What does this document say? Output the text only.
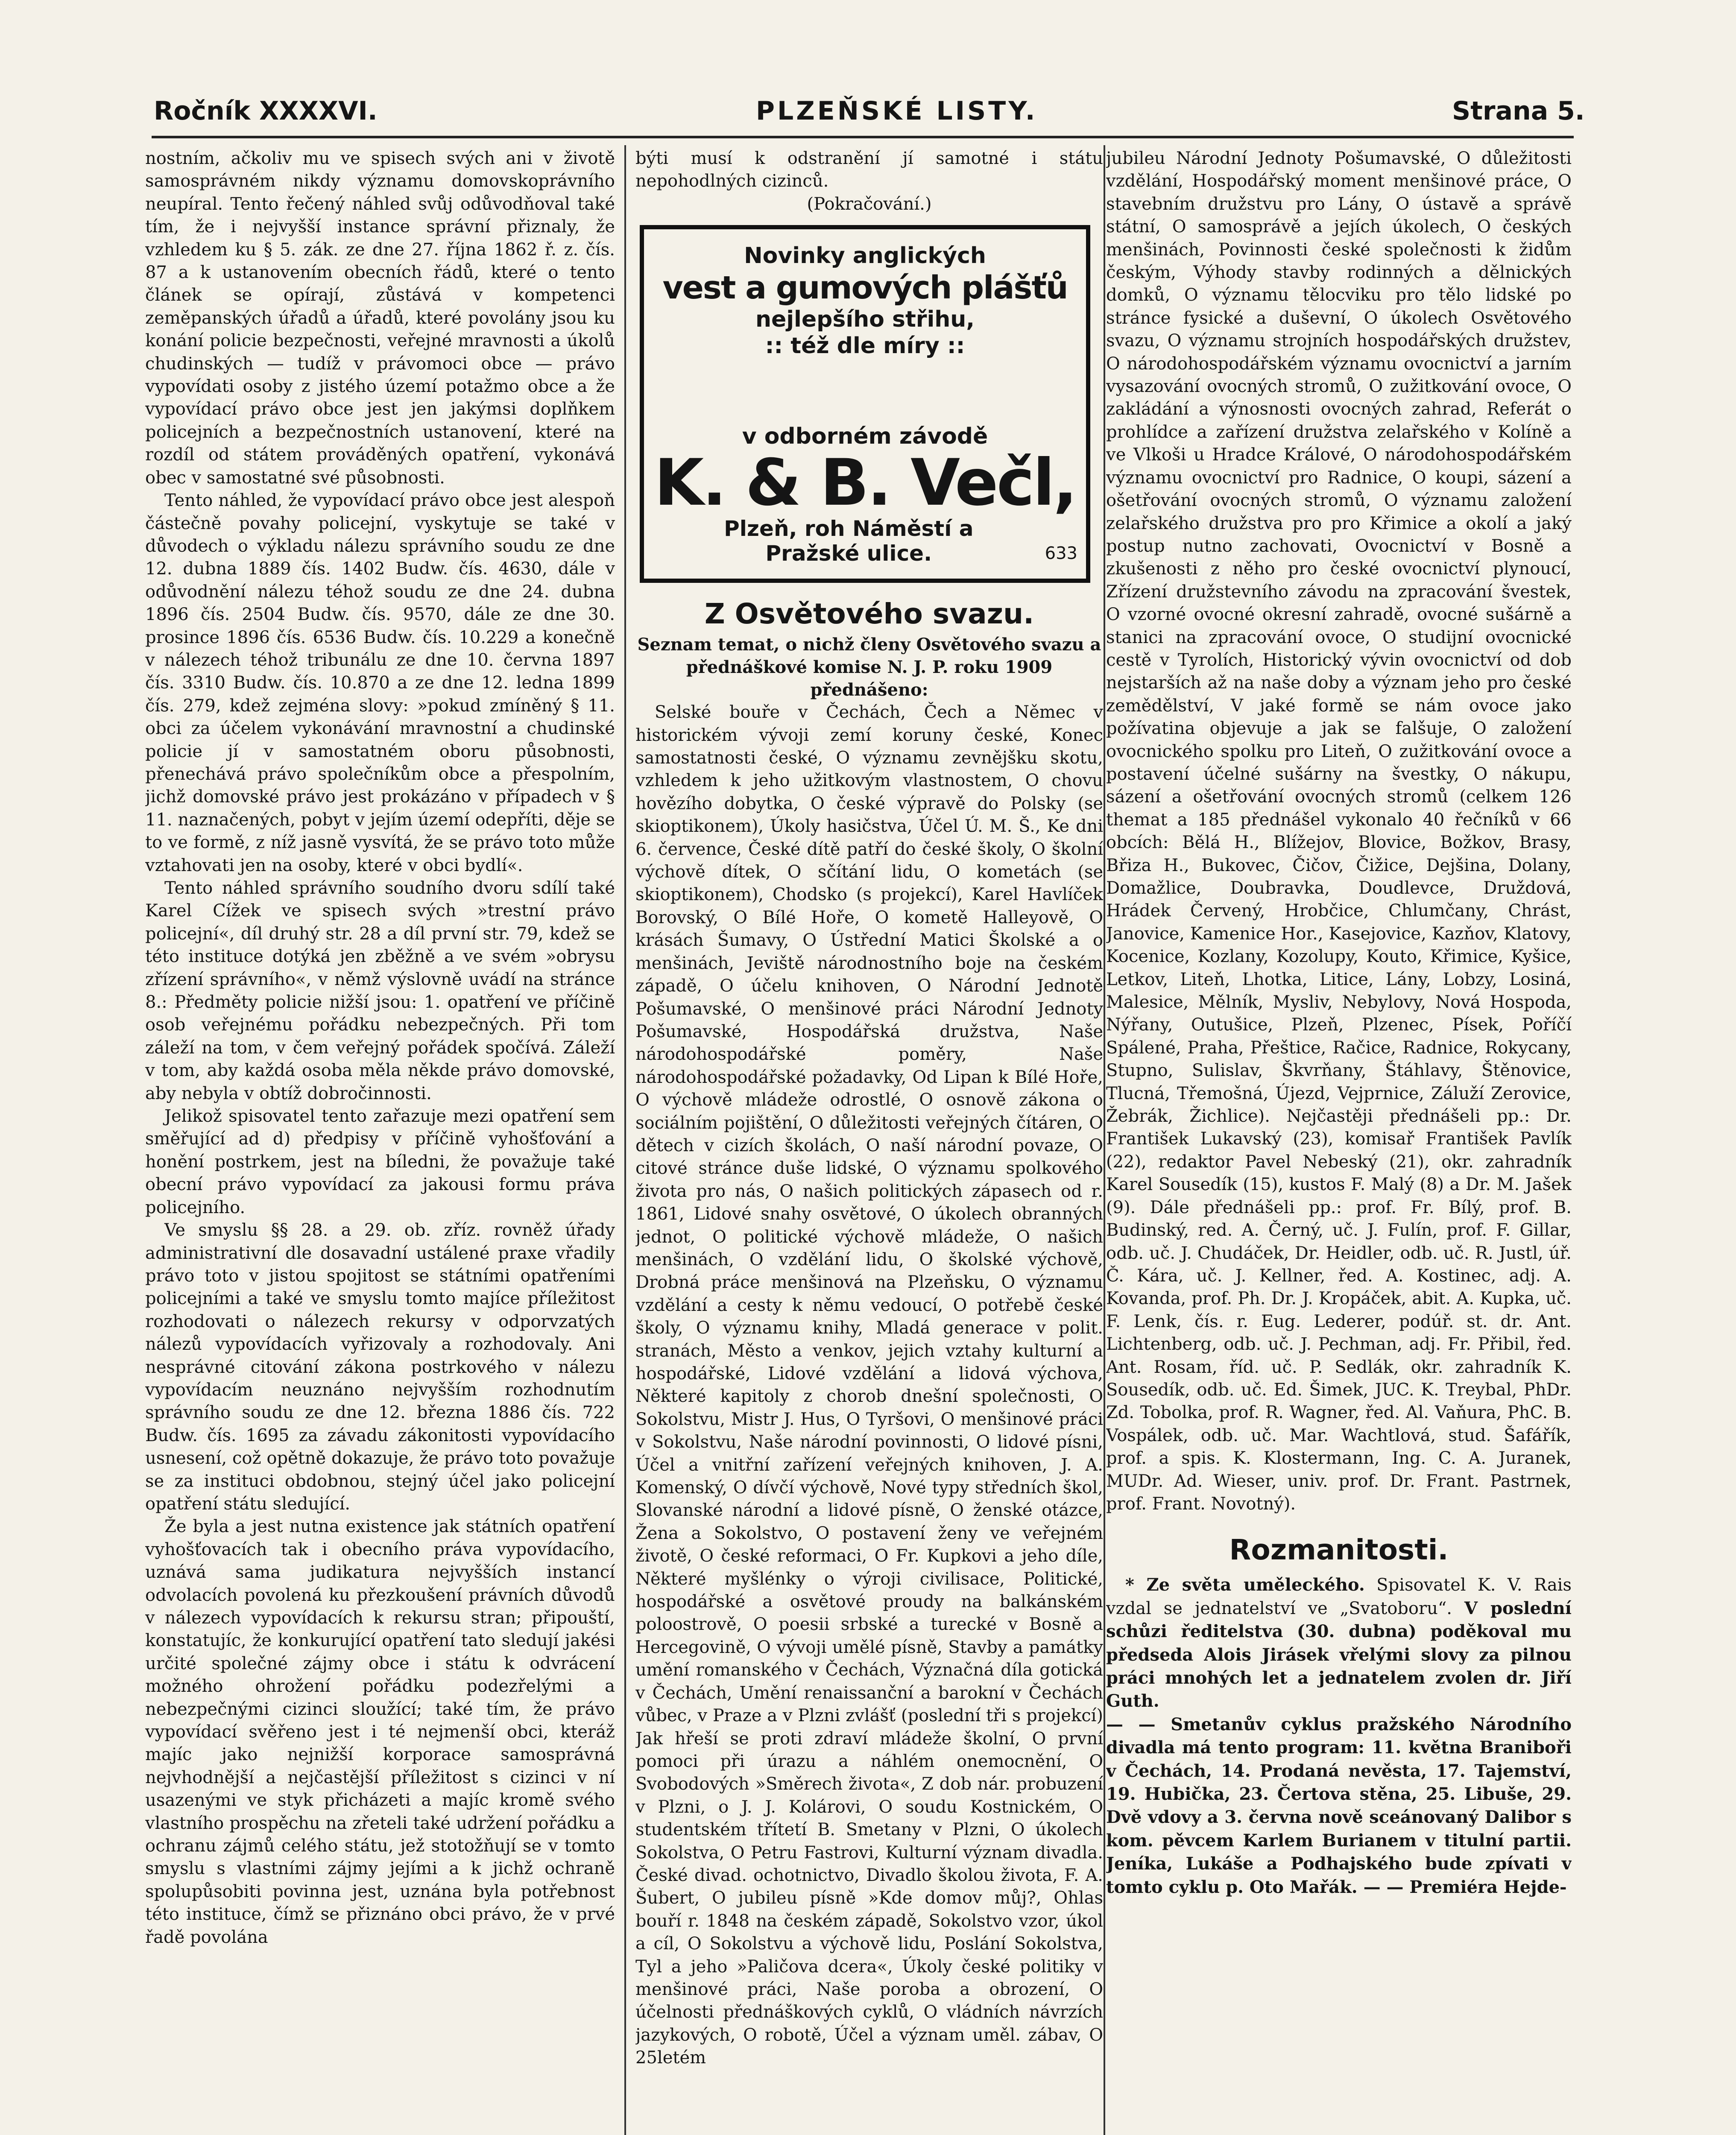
Ročník XXXXVI.	PLZEŇSKÉ LISTY.	Strana 5.

nostním, ačkoliv mu ve spisech svých ani v životě samosprávném nikdy významu domovskoprávního neupíral. Tento řečený náhled svůj odůvodňoval také tím, že i nejvyšší instance správní přiznaly, že vzhledem ku § 5. zák. ze dne 27. října 1862 ř. z. čís. 87 a k ustanovením obecních řádů, které o tento článek se opírají, zůstává v kompetenci zeměpanských úřadů a úřadů, které povolány jsou ku konání policie bezpečnosti, veřejné mravnosti a úkolů chudinských — tudíž v právomoci obce — právo vypovídati osoby z jistého území potažmo obce a že vypovídací právo obce jest jen jakýmsi doplňkem policejních a bezpečnostních ustanovení, které na rozdíl od státem prováděných opatření, vykonává obec v samostatné své působnosti.

Tento náhled, že vypovídací právo obce jest alespoň částečně povahy policejní, vyskytuje se také v důvodech o výkladu nálezu správního soudu ze dne 12. dubna 1889 čís. 1402 Budw. čís. 4630, dále v odůvodnění nálezu téhož soudu ze dne 24. dubna 1896 čís. 2504 Budw. čís. 9570, dále ze dne 30. prosince 1896 čís. 6536 Budw. čís. 10.229 a konečně v nálezech téhož tribunálu ze dne 10. června 1897 čís. 3310 Budw. čís. 10.870 a ze dne 12. ledna 1899 čís. 279, kdež zejména slovy: »pokud zmíněný § 11. obci za účelem vykonávání mravnostní a chudinské policie jí v samostatném oboru působnosti, přenechává právo společníkům obce a přespolním, jichž domovské právo jest prokázáno v případech v § 11. naznačených, pobyt v jejím území odepříti, děje se to ve formě, z níž jasně vysvítá, že se právo toto může vztahovati jen na osoby, které v obci bydlí«.

Tento náhled správního soudního dvoru sdílí také Karel Cížek ve spisech svých »trestní právo policejní«, díl druhý str. 28 a díl první str. 79, kdež se této instituce dotýká jen zběžně a ve svém »obrysu zřízení správního«, v němž výslovně uvádí na stránce 8.: Předměty policie nižší jsou: 1. opatření ve příčině osob veřejnému pořádku nebezpečných. Při tom záleží na tom, v čem veřejný pořádek spočívá. Záleží v tom, aby každá osoba měla někde právo domovské, aby nebyla v obtíž dobročinnosti.

Jelikož spisovatel tento zařazuje mezi opatření sem směřující ad d) předpisy v příčině vyhošťování a honění postrkem, jest na bíledni, že považuje také obecní právo vypovídací za jakousi formu práva policejního.

Ve smyslu §§ 28. a 29. ob. zříz. rovněž úřady administrativní dle dosavadní ustálené praxe vřadily právo toto v jistou spojitost se státními opatřeními policejními a také ve smyslu tomto majíce příležitost rozhodovati o nálezech rekursy v odporvzatých nálezů vypovídacích vyřizovaly a rozhodovaly. Ani nesprávné citování zákona postrkového v nálezu vypovídacím neuznáno nejvyšším rozhodnutím správního soudu ze dne 12. března 1886 čís. 722 Budw. čís. 1695 za závadu zákonitosti vypovídacího usnesení, což opětně dokazuje, že právo toto považuje se za instituci obdobnou, stejný účel jako policejní opatření státu sledující.

Že byla a jest nutna existence jak státních opatření vyhošťovacích tak i obecního práva vypovídacího, uznává sama judikatura nejvyšších instancí odvolacích povolená ku přezkoušení právních důvodů v nálezech vypovídacích k rekursu stran; připouští, konstatujíc, že konkurující opatření tato sledují jakési určité společné zájmy obce i státu k odvrácení možného ohrožení pořádku podezřelými a nebezpečnými cizinci sloužící; také tím, že právo vypovídací svěřeno jest i té nejmenší obci, kteráž majíc jako nejnižší korporace samosprávná nejvhodnější a nejčastější příležitost s cizinci v ní usazenými ve styk přicházeti a majíc kromě svého vlastního prospěchu na zřeteli také udržení pořádku a ochranu zájmů celého státu, jež stotožňují se v tomto smyslu s vlastními zájmy jejími a k jichž ochraně spolupůsobiti povinna jest, uznána byla potřebnost této instituce, čímž se přiznáno obci právo, že v prvé řadě povolána

býti musí k odstranění jí samotné i státu nepohodlných cizinců.

(Pokračování.)

Novinky anglických
vest a gumových plášťů
nejlepšího střihu,
:: též dle míry ::
v odborném závodě
K. & B. Večl,
Plzeň, roh Náměstí a
Pražské ulice.	633
Z Osvětového svazu.
Seznam temat, o nichž členy Osvětového svazu a přednáškové komise N. J. P. roku 1909 přednášeno:

Selské bouře v Čechách, Čech a Němec v historickém vývoji zemí koruny české, Konec samostatnosti české, O významu zevnějšku skotu, vzhledem k jeho užitkovým vlastnostem, O chovu hovězího dobytka, O české výpravě do Polsky (se skioptikonem), Úkoly hasičstva, Účel Ú. M. Š., Ke dni 6. července, České dítě patří do české školy, O školní výchově dítek, O sčítání lidu, O kometách (se skioptikonem), Chodsko (s projekcí), Karel Havlíček Borovský, O Bílé Hoře, O kometě Halleyově, O krásách Šumavy, O Ústřední Matici Školské a o menšinách, Jeviště národnostního boje na českém západě, O účelu knihoven, O Národní Jednotě Pošumavské, O menšinové práci Národní Jednoty Pošumavské, Hospodářská družstva, Naše národohospodářské poměry, Naše národohospodářské požadavky, Od Lipan k Bílé Hoře, O výchově mládeže odrostlé, O osnově zákona o sociálním pojištění, O důležitosti veřejných čítáren, O dětech v cizích školách, O naší národní povaze, O citové stránce duše lidské, O významu spolkového života pro nás, O našich politických zápasech od r. 1861, Lidové snahy osvětové, O úkolech obranných jednot, O politické výchově mládeže, O našich menšinách, O vzdělání lidu, O školské výchově, Drobná práce menšinová na Plzeňsku, O významu vzdělání a cesty k němu vedoucí, O potřebě české školy, O významu knihy, Mladá generace v polit. stranách, Město a venkov, jejich vztahy kulturní a hospodářské, Lidové vzdělání a lidová výchova, Některé kapitoly z chorob dnešní společnosti, O Sokolstvu, Mistr J. Hus, O Tyršovi, O menšinové práci v Sokolstvu, Naše národní povinnosti, O lidové písni, Účel a vnitřní zařízení veřejných knihoven, J. A. Komenský, O dívčí výchově, Nové typy středních škol, Slovanské národní a lidové písně, O ženské otázce, Žena a Sokolstvo, O postavení ženy ve veřejném životě, O české reformaci, O Fr. Kupkovi a jeho díle, Některé myšlénky o výroji civilisace, Politické, hospodářské a osvětové proudy na balkánském poloostrově, O poesii srbské a turecké v Bosně a Hercegovině, O vývoji umělé písně, Stavby a památky umění romanského v Čechách, Význačná díla gotická v Čechách, Umění renaissanční a barokní v Čechách vůbec, v Praze a v Plzni zvlášť (poslední tři s projekcí) Jak hřeší se proti zdraví mládeže školní, O první pomoci při úrazu a náhlém onemocnění, O Svobodových »Směrech života«, Z dob nár. probuzení v Plzni, o J. J. Kolárovi, O soudu Kostnickém, O studentském třítetí B. Smetany v Plzni, O úkolech Sokolstva, O Petru Fastrovi, Kulturní význam divadla. České divad. ochotnictvo, Divadlo školou života, F. A. Šubert, O jubileu písně »Kde domov můj?, Ohlas bouří r. 1848 na českém západě, Sokolstvo vzor, úkol a cíl, O Sokolstvu a výchově lidu, Poslání Sokolstva, Tyl a jeho »Paličova dcera«, Úkoly české politiky v menšinové práci, Naše poroba a obrození, O účelnosti přednáškových cyklů, O vládních návrzích jazykových, O robotě, Účel a význam uměl. zábav, O 25letém

jubileu Národní Jednoty Pošumavské, O důležitosti vzdělání, Hospodářský moment menšinové práce, O stavebním družstvu pro Lány, O ústavě a správě státní, O samosprávě a jejích úkolech, O českých menšinách, Povinnosti české společnosti k židům českým, Výhody stavby rodinných a dělnických domků, O významu tělocviku pro tělo lidské po stránce fysické a duševní, O úkolech Osvětového svazu, O významu strojních hospodářských družstev, O národohospodářském významu ovocnictví a jarním vysazování ovocných stromů, O zužitkování ovoce, O zakládání a výnosnosti ovocných zahrad, Referát o prohlídce a zařízení družstva zelařského v Kolíně a ve Vlkoši u Hradce Králové, O národohospodářském významu ovocnictví pro Radnice, O koupi, sázení a ošetřování ovocných stromů, O významu založení zelařského družstva pro pro Křimice a okolí a jaký postup nutno zachovati, Ovocnictví v Bosně a zkušenosti z něho pro české ovocnictví plynoucí, Zřízení družstevního závodu na zpracování švestek, O vzorné ovocné okresní zahradě, ovocné sušárně a stanici na zpracování ovoce, O studijní ovocnické cestě v Tyrolích, Historický vývin ovocnictví od dob nejstarších až na naše doby a význam jeho pro české zemědělství, V jaké formě se nám ovoce jako požívatina objevuje a jak se falšuje, O založení ovocnického spolku pro Liteň, O zužitkování ovoce a postavení účelné sušárny na švestky, O nákupu, sázení a ošetřování ovocných stromů (celkem 126 themat a 185 přednášel vykonalo 40 řečníků v 66 obcích: Bělá H., Blížejov, Blovice, Božkov, Brasy, Břiza H., Bukovec, Čičov, Čižice, Dejšina, Dolany, Domažlice, Doubravka, Doudlevce, Druždová, Hrádek Červený, Hrobčice, Chlumčany, Chrást, Janovice, Kamenice Hor., Kasejovice, Kazňov, Klatovy, Kocenice, Kozlany, Kozolupy, Kouto, Křimice, Kyšice, Letkov, Liteň, Lhotka, Litice, Lány, Lobzy, Losiná, Malesice, Mělník, Mysliv, Nebylovy, Nová Hospoda, Nýřany, Outušice, Plzeň, Plzenec, Písek, Poříčí Spálené, Praha, Přeštice, Račice, Radnice, Rokycany, Stupno, Sulislav, Škvrňany, Štáhlavy, Štěnovice, Tlucná, Třemošná, Újezd, Vejprnice, Záluží Zerovice, Žebrák, Žichlice). Nejčastěji přednášeli pp.: Dr. František Lukavský (23), komisař František Pavlík (22), redaktor Pavel Nebeský (21), okr. zahradník Karel Sousedík (15), kustos F. Malý (8) a Dr. M. Jašek (9). Dále přednášeli pp.: prof. Fr. Bílý, prof. B. Budinský, red. A. Černý, uč. J. Fulín, prof. F. Gillar, odb. uč. J. Chudáček, Dr. Heidler, odb. uč. R. Justl, úř. Č. Kára, uč. J. Kellner, řed. A. Kostinec, adj. A. Kovanda, prof. Ph. Dr. J. Kropáček, abit. A. Kupka, uč. F. Lenk, čís. r. Eug. Lederer, podúř. st. dr. Ant. Lichtenberg, odb. uč. J. Pechman, adj. Fr. Přibil, řed. Ant. Rosam, říd. uč. P. Sedlák, okr. zahradník K. Sousedík, odb. uč. Ed. Šimek, JUC. K. Treybal, PhDr. Zd. Tobolka, prof. R. Wagner, řed. Al. Vaňura, PhC. B. Vospálek, odb. uč. Mar. Wachtlová, stud. Šafářík, prof. a spis. K. Klostermann, Ing. C. A. Juranek, MUDr. Ad. Wieser, univ. prof. Dr. Frant. Pastrnek, prof. Frant. Novotný).

Rozmanitosti.

* Ze světa uměleckého. Spisovatel K. V. Rais vzdal se jednatelství ve „Svatoboru“. V poslední schůzi ředitelstva (30. dubna) poděkoval mu předseda Alois Jirásek vřelými slovy za pilnou práci mnohých let a jednatelem zvolen dr. Jiří Guth.

— — Smetanův cyklus pražského Národního divadla má tento program: 11. května Braniboři v Čechách, 14. Prodaná nevěsta, 17. Tajemství, 19. Hubička, 23. Čertova stěna, 25. Libuše, 29. Dvě vdovy a 3. června nově sceánovaný Dalibor s kom. pěvcem Karlem Burianem v titulní partii. Jeníka, Lukáše a Podhajského bude zpívati v tomto cyklu p. Oto Mařák. — — Premiéra Hejde-
